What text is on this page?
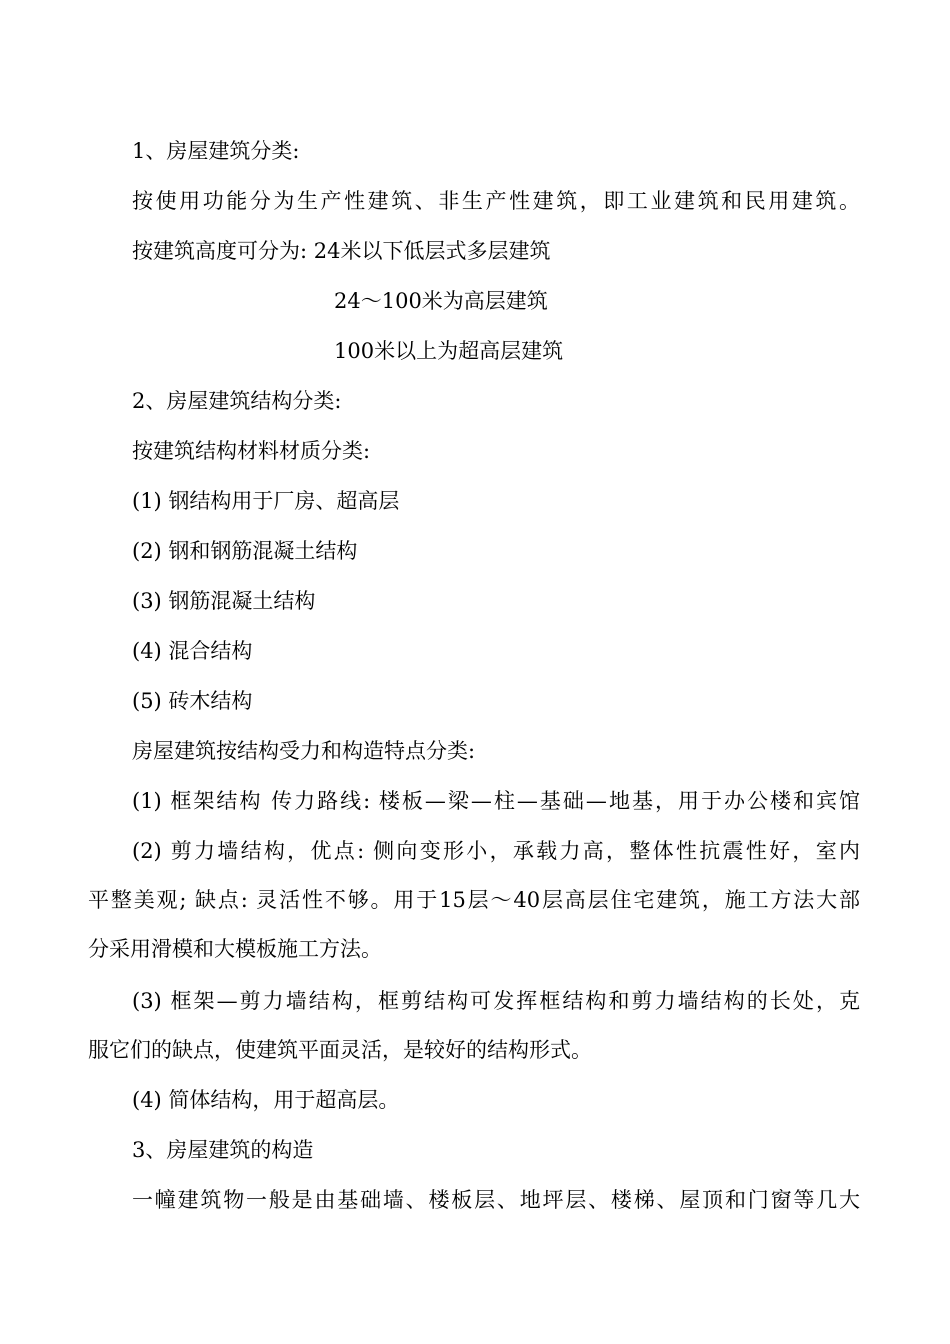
1、房屋建筑分类:
按使用功能分为生产性建筑、非生产性建筑，即工业建筑和民用建筑。
按建筑高度可分为: 24米以下低层式多层建筑
24～100米为高层建筑
100米以上为超高层建筑
2、房屋建筑结构分类:
按建筑结构材料材质分类:
(1) 钢结构用于厂房、超高层
(2) 钢和钢筋混凝土结构
(3) 钢筋混凝土结构
(4) 混合结构
(5) 砖木结构
房屋建筑按结构受力和构造特点分类:
(1) 框架结构 传力路线: 楼板—梁—柱—基础—地基，用于办公楼和宾馆
(2) 剪力墙结构，优点: 侧向变形小，承载力高，整体性抗震性好，室内
平整美观; 缺点: 灵活性不够。用于15层～40层高层住宅建筑，施工方法大部
分采用滑模和大模板施工方法。
(3) 框架—剪力墙结构，框剪结构可发挥框结构和剪力墙结构的长处，克
服它们的缺点，使建筑平面灵活，是较好的结构形式。
(4) 简体结构，用于超高层。
3、房屋建筑的构造
一幢建筑物一般是由基础墙、楼板层、地坪层、楼梯、屋顶和门窗等几大
